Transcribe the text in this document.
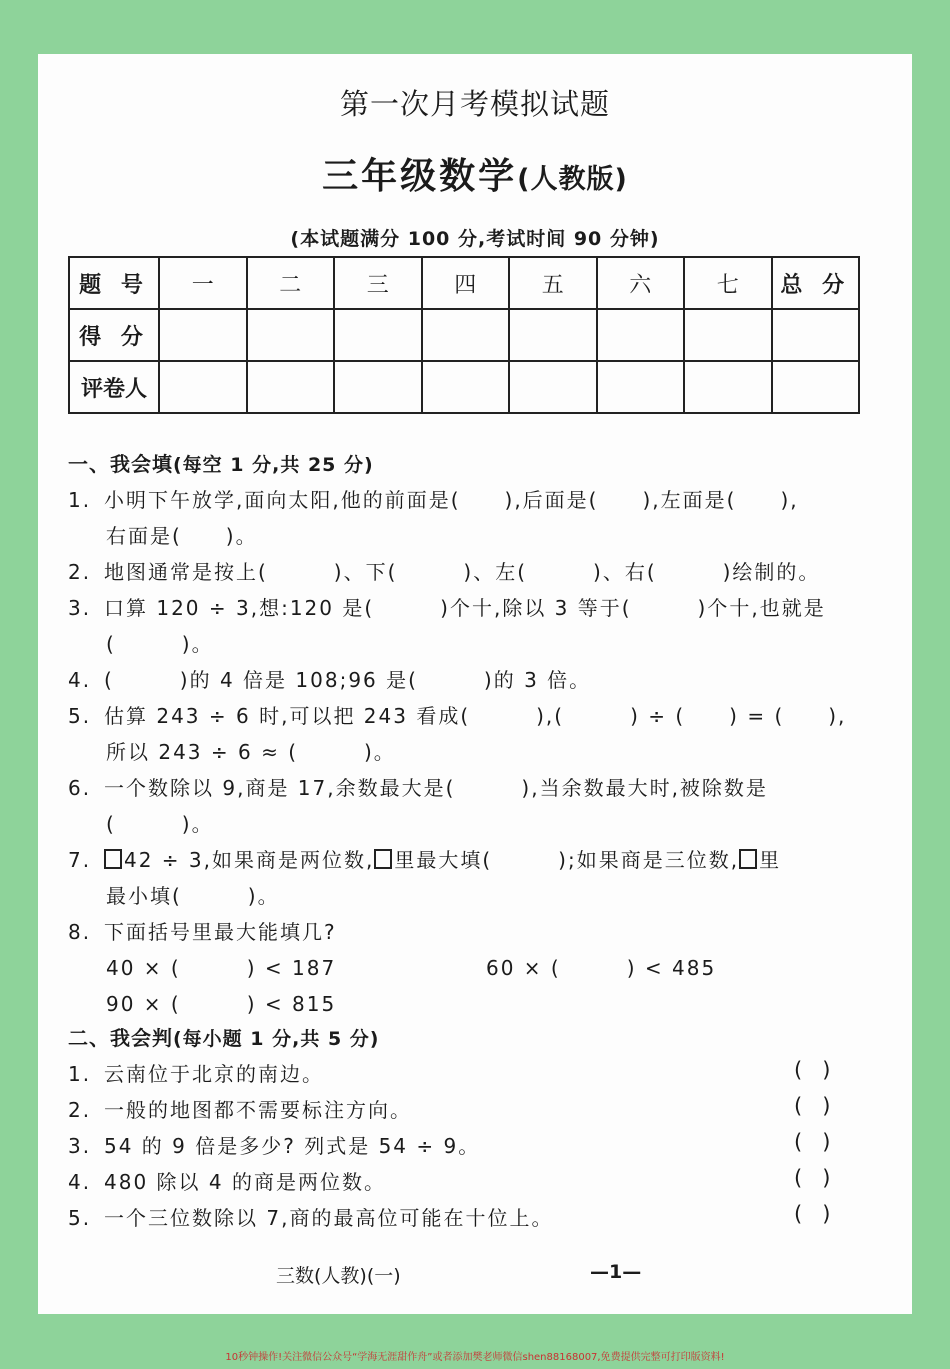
第一次月考模拟试题
三年级数学(人教版)
(本试题满分 100 分,考试时间 90 分钟)
题 号	一	二	三	四	五	六	七	总 分
得 分								
评卷人								
一、我会填(每空 1 分,共 25 分)
1. 小明下午放学,面向太阳,他的前面是(　　),后面是(　　),左面是(　　),
右面是(　　)。
2. 地图通常是按上(　　　)、下(　　　)、左(　　　)、右(　　　)绘制的。
3. 口算 120 ÷ 3,想:120 是(　　　)个十,除以 3 等于(　　　)个十,也就是
(　　　)。
4. (　　　)的 4 倍是 108;96 是(　　　)的 3 倍。
5. 估算 243 ÷ 6 时,可以把 243 看成(　　　),(　　　) ÷ (　　) = (　　),
所以 243 ÷ 6 ≈ (　　　)。
6. 一个数除以 9,商是 17,余数最大是(　　　),当余数最大时,被除数是
(　　　)。
7. 42 ÷ 3,如果商是两位数, 里最大填(　　　);如果商是三位数, 里
最小填(　　　)。
8. 下面括号里最大能填几?
40 × (　　　) < 187	60 × (　　　) < 485
90 × (　　　) < 815
二、我会判(每小题 1 分,共 5 分)
1. 云南位于北京的南边。	()
2. 一般的地图都不需要标注方向。	()
3. 54 的 9 倍是多少? 列式是 54 ÷ 9。	()
4. 480 除以 4 的商是两位数。	()
5. 一个三位数除以 7,商的最高位可能在十位上。	()
三数(人教)(一)	—1—
10秒钟操作!关注微信公众号“学海无涯甜作舟”或者添加樊老师微信shen88168007,免费提供完整可打印版资料!
